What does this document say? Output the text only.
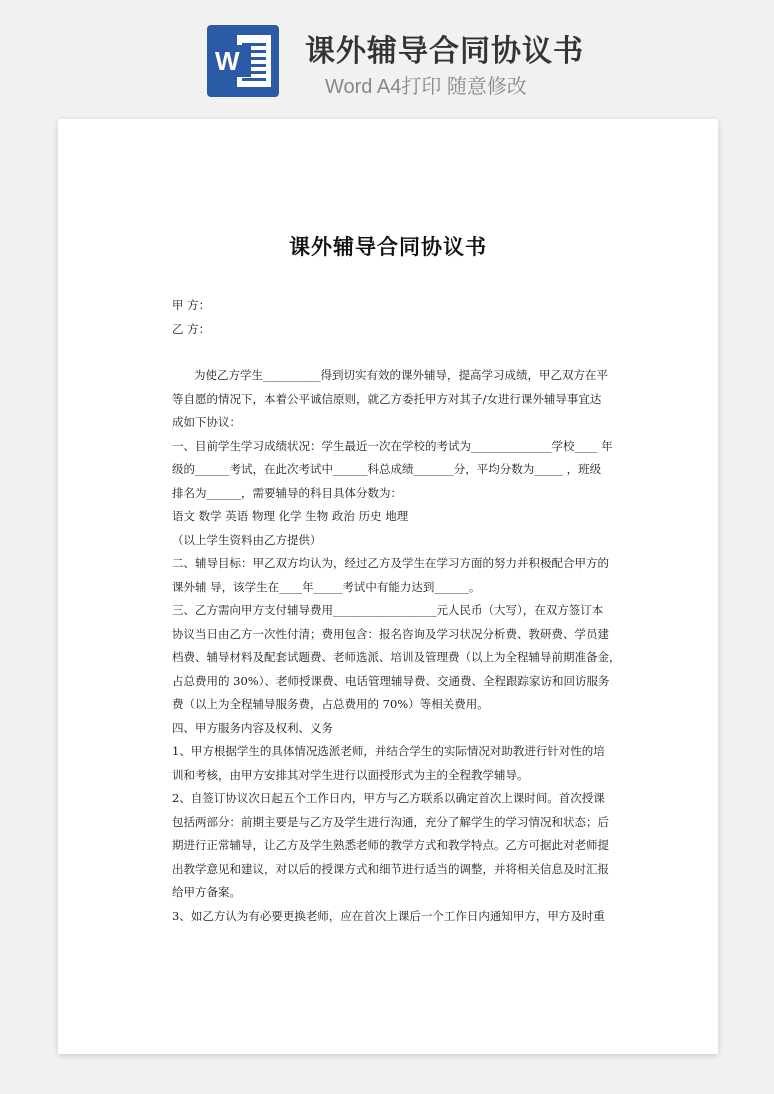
W	课外辅导合同协议书
Word A4打印 随意修改
课外辅导合同协议书
甲 方：
乙 方：
为使乙方学生__________得到切实有效的课外辅导，提高学习成绩，甲乙双方在平
等自愿的情况下，本着公平诚信原则，就乙方委托甲方对其子/女进行课外辅导事宜达
成如下协议：
一、目前学生学习成绩状况：学生最近一次在学校的考试为______________学校____ 年
级的______考试，在此次考试中______科总成绩_______分，平均分数为_____ ，班级
排名为______，需要辅导的科目具体分数为：
语文 数学 英语 物理 化学 生物 政治 历史 地理
（以上学生资料由乙方提供）
二、辅导目标：甲乙双方均认为，经过乙方及学生在学习方面的努力并积极配合甲方的
课外辅 导，该学生在____年_____考试中有能力达到______。
三、乙方需向甲方支付辅导费用__________________元人民币（大写），在双方签订本
协议当日由乙方一次性付清；费用包含：报名咨询及学习状况分析费、教研费、学员建
档费、辅导材料及配套试题费、老师选派、培训及管理费（以上为全程辅导前期准备金，
占总费用的 30%）、老师授课费、电话管理辅导费、交通费、全程跟踪家访和回访服务
费（以上为全程辅导服务费，占总费用的 70%）等相关费用。
四、甲方服务内容及权利、义务
1、甲方根据学生的具体情况选派老师，并结合学生的实际情况对助教进行针对性的培
训和考核，由甲方安排其对学生进行以面授形式为主的全程教学辅导。
2、自签订协议次日起五个工作日内，甲方与乙方联系以确定首次上课时间。首次授课
包括两部分：前期主要是与乙方及学生进行沟通，充分了解学生的学习情况和状态；后
期进行正常辅导，让乙方及学生熟悉老师的教学方式和教学特点。乙方可据此对老师提
出教学意见和建议，对以后的授课方式和细节进行适当的调整，并将相关信息及时汇报
给甲方备案。
3、如乙方认为有必要更换老师，应在首次上课后一个工作日内通知甲方，甲方及时重
